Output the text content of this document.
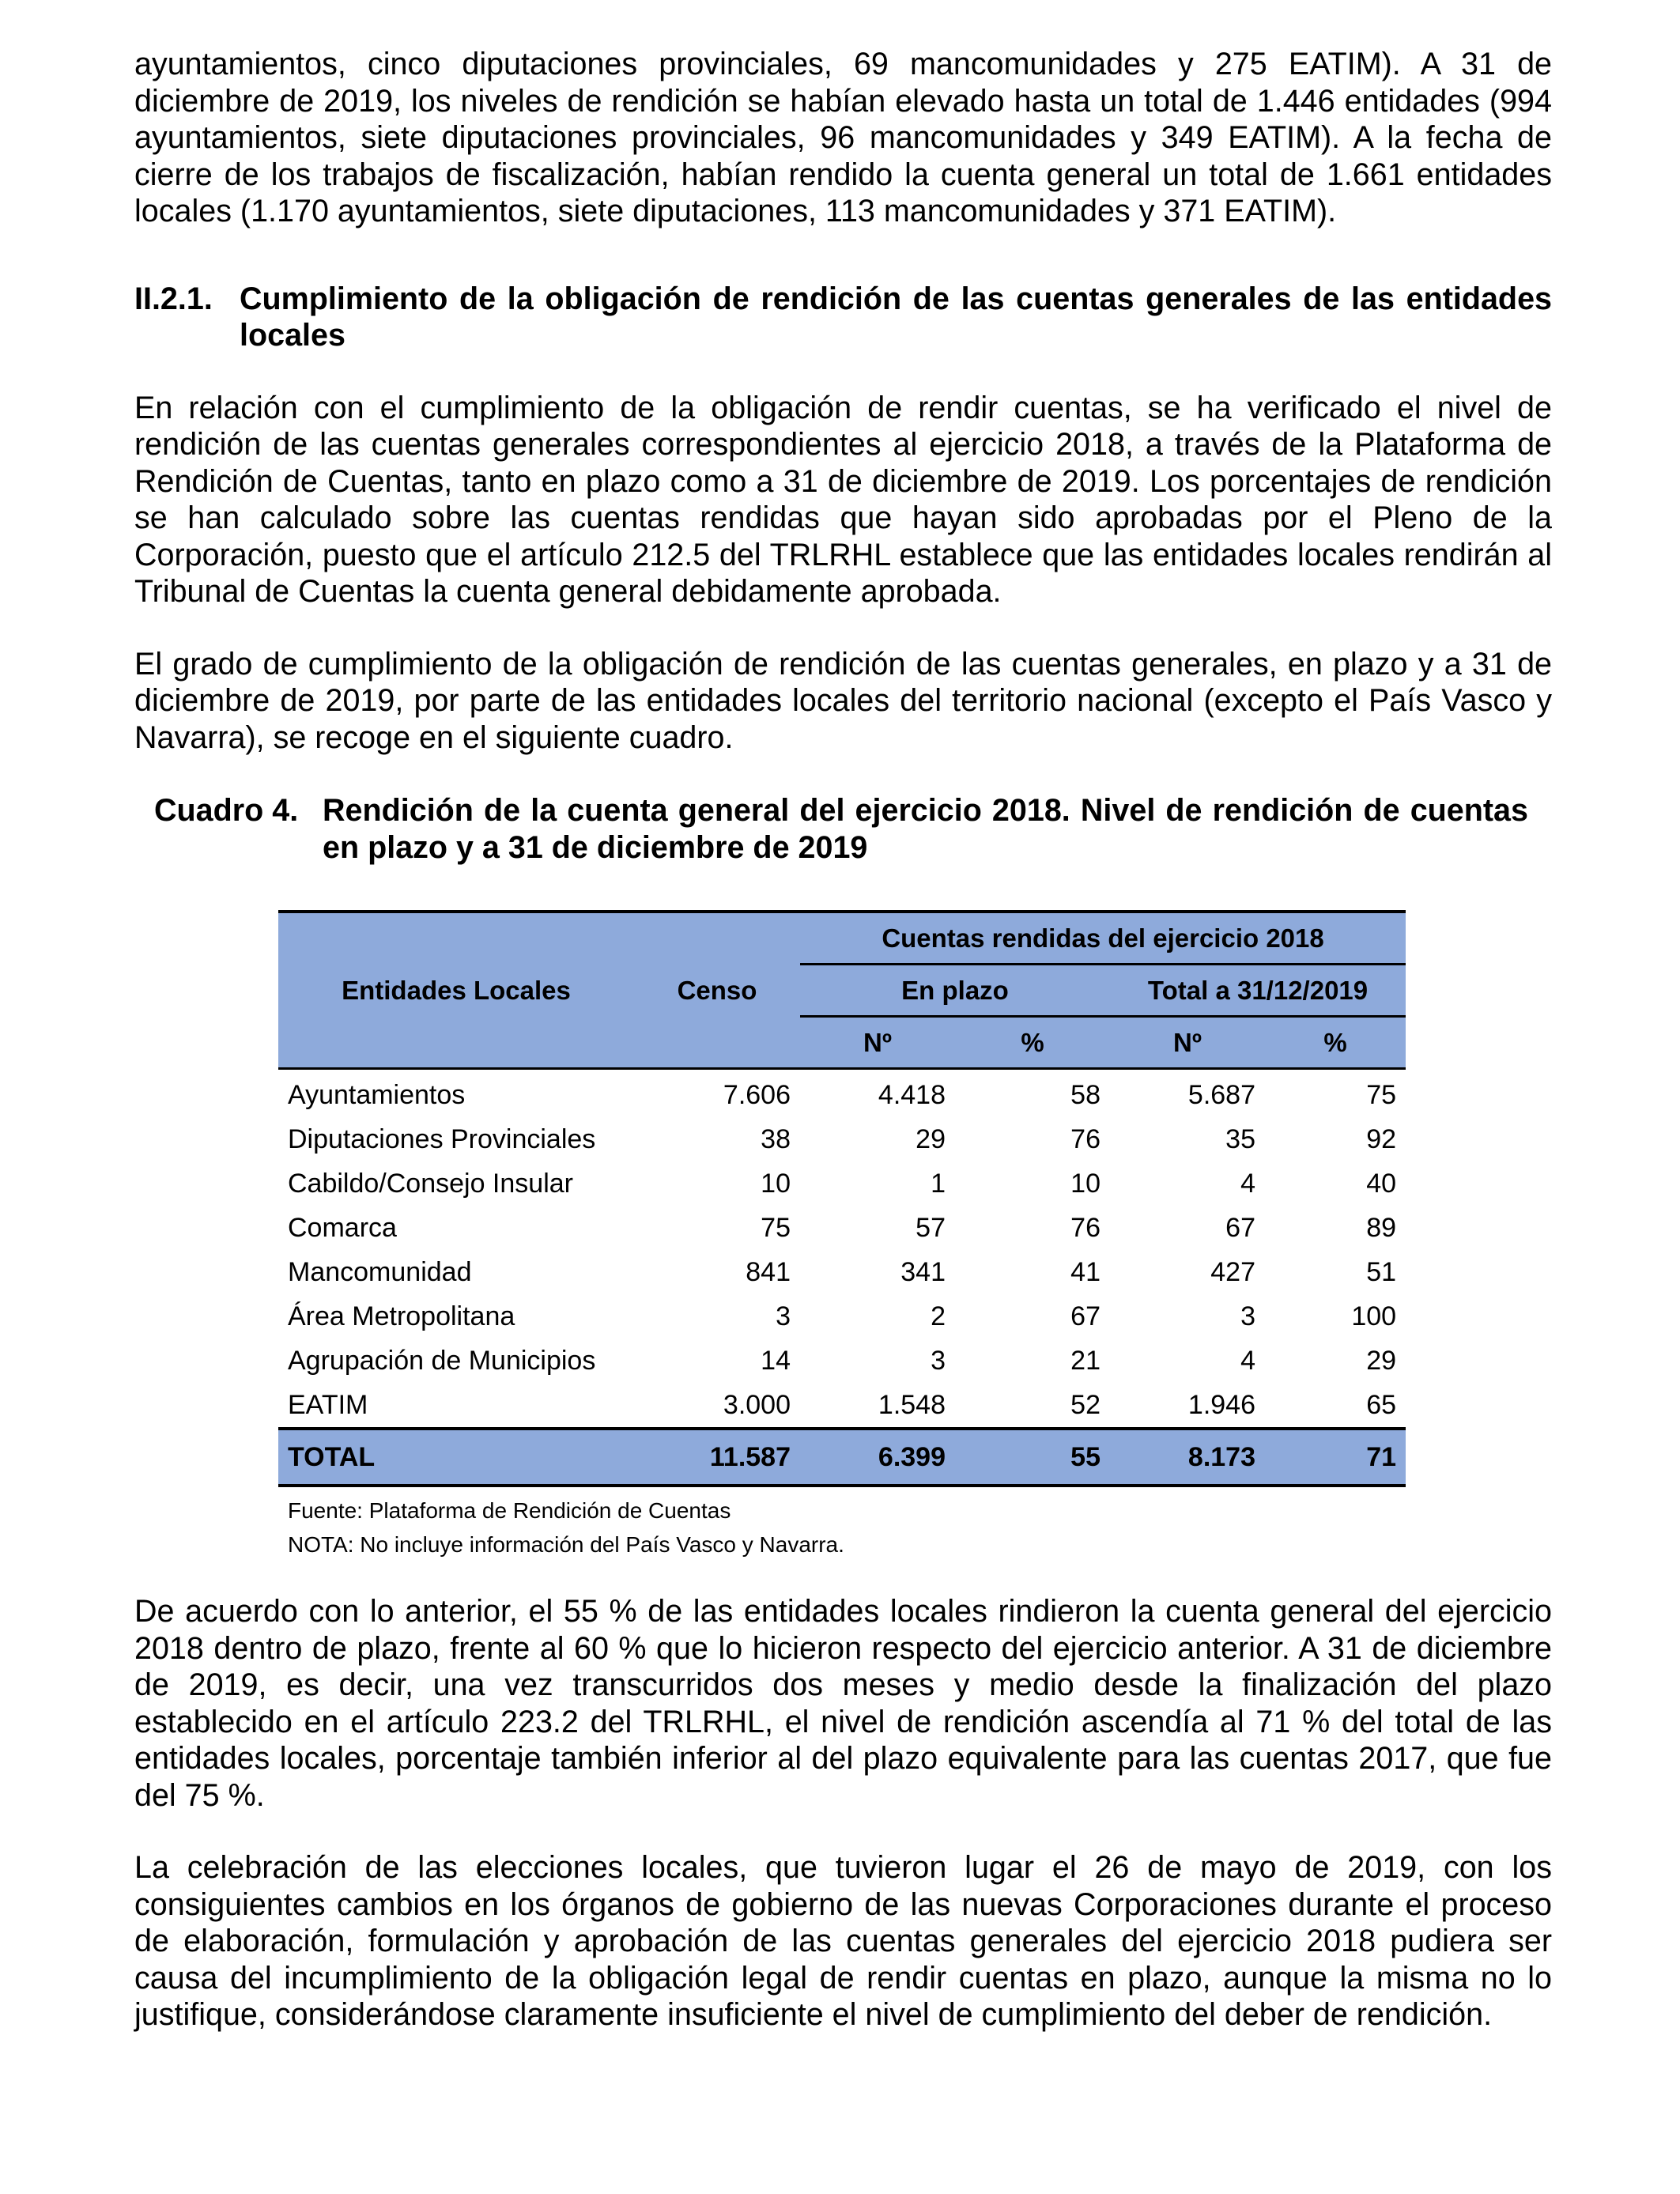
ayuntamientos, cinco diputaciones provinciales, 69 mancomunidades y 275 EATIM). A 31 de diciembre de 2019, los niveles de rendición se habían elevado hasta un total de 1.446 entidades (994 ayuntamientos, siete diputaciones provinciales, 96 mancomunidades y 349 EATIM). A la fecha de cierre de los trabajos de fiscalización, habían rendido la cuenta general un total de 1.661 entidades locales (1.170 ayuntamientos, siete diputaciones, 113 mancomunidades y 371 EATIM).

II.2.1. Cumplimiento de la obligación de rendición de las cuentas generales de las entidades locales

En relación con el cumplimiento de la obligación de rendir cuentas, se ha verificado el nivel de rendición de las cuentas generales correspondientes al ejercicio 2018, a través de la Plataforma de Rendición de Cuentas, tanto en plazo como a 31 de diciembre de 2019. Los porcentajes de rendición se han calculado sobre las cuentas rendidas que hayan sido aprobadas por el Pleno de la Corporación, puesto que el artículo 212.5 del TRLRHL establece que las entidades locales rendirán al Tribunal de Cuentas la cuenta general debidamente aprobada.

El grado de cumplimiento de la obligación de rendición de las cuentas generales, en plazo y a 31 de diciembre de 2019, por parte de las entidades locales del territorio nacional (excepto el País Vasco y Navarra), se recoge en el siguiente cuadro.

Cuadro 4. Rendición de la cuenta general del ejercicio 2018. Nivel de rendición de cuentas en plazo y a 31 de diciembre de 2019
Entidades Locales	Censo	Cuentas rendidas del ejercicio 2018			
		En plazo		Total a 31/12/2019	
		Nº	%	Nº	%
Ayuntamientos	7.606	4.418	58	5.687	75
Diputaciones Provinciales	38	29	76	35	92
Cabildo/Consejo Insular	10	1	10	4	40
Comarca	75	57	76	67	89
Mancomunidad	841	341	41	427	51
Área Metropolitana	3	2	67	3	100
Agrupación de Municipios	14	3	21	4	29
EATIM	3.000	1.548	52	1.946	65
TOTAL	11.587	6.399	55	8.173	71
Fuente: Plataforma de Rendición de Cuentas
NOTA: No incluye información del País Vasco y Navarra.

De acuerdo con lo anterior, el 55 % de las entidades locales rindieron la cuenta general del ejercicio 2018 dentro de plazo, frente al 60 % que lo hicieron respecto del ejercicio anterior. A 31 de diciembre de 2019, es decir, una vez transcurridos dos meses y medio desde la finalización del plazo establecido en el artículo 223.2 del TRLRHL, el nivel de rendición ascendía al 71 % del total de las entidades locales, porcentaje también inferior al del plazo equivalente para las cuentas 2017, que fue del 75 %.

La celebración de las elecciones locales, que tuvieron lugar el 26 de mayo de 2019, con los consiguientes cambios en los órganos de gobierno de las nuevas Corporaciones durante el proceso de elaboración, formulación y aprobación de las cuentas generales del ejercicio 2018 pudiera ser causa del incumplimiento de la obligación legal de rendir cuentas en plazo, aunque la misma no lo justifique, considerándose claramente insuficiente el nivel de cumplimiento del deber de rendición.
